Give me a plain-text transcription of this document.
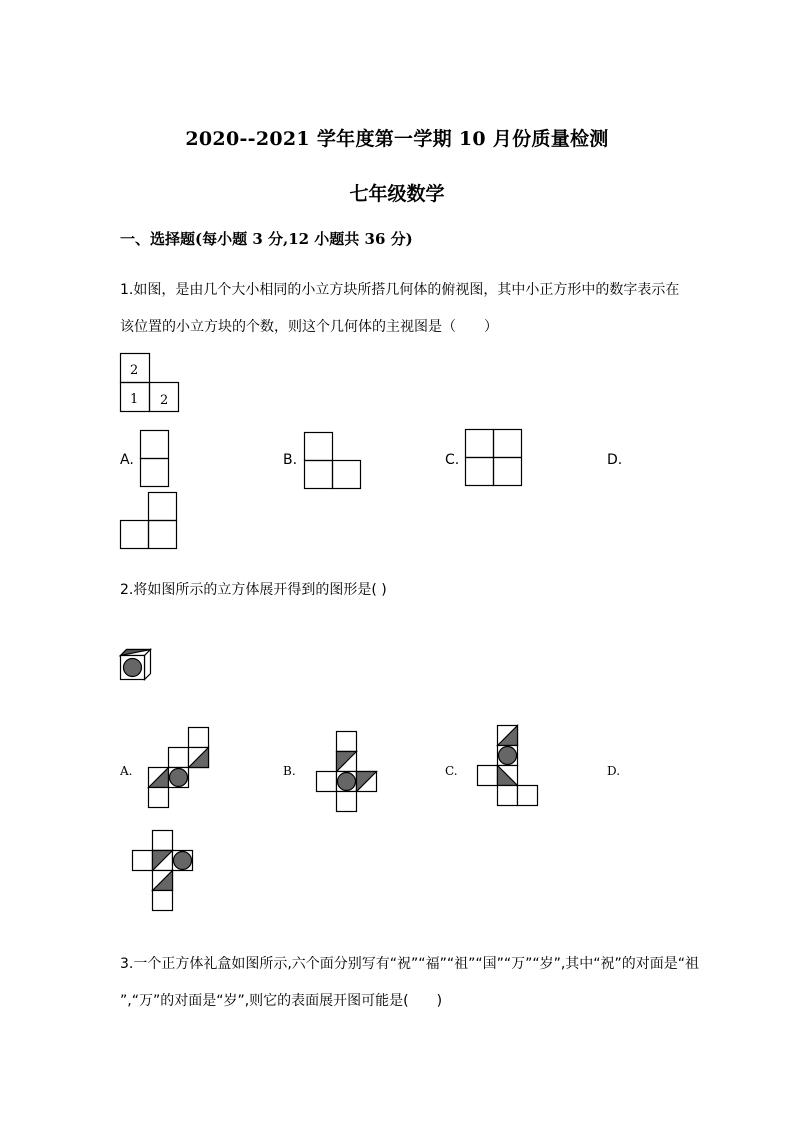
2020--2021 学年度第一学期 10 月份质量检测
七年级数学
一、选择题(每小题 3 分,12 小题共 36 分)
1.如图，是由几个大小相同的小立方块所搭几何体的俯视图，其中小正方形中的数字表示在
该位置的小立方块的个数，则这个几何体的主视图是（　　）
2
1 2
A.	B.	C.	D.
2.将如图所示的立方体展开得到的图形是( )
A.	B.	C.	D.
3.一个正方体礼盒如图所示,六个面分别写有“祝”“福”“祖”“国”“万”“岁”,其中“祝”的对面是“祖
”,“万”的对面是“岁”,则它的表面展开图可能是(　　)
